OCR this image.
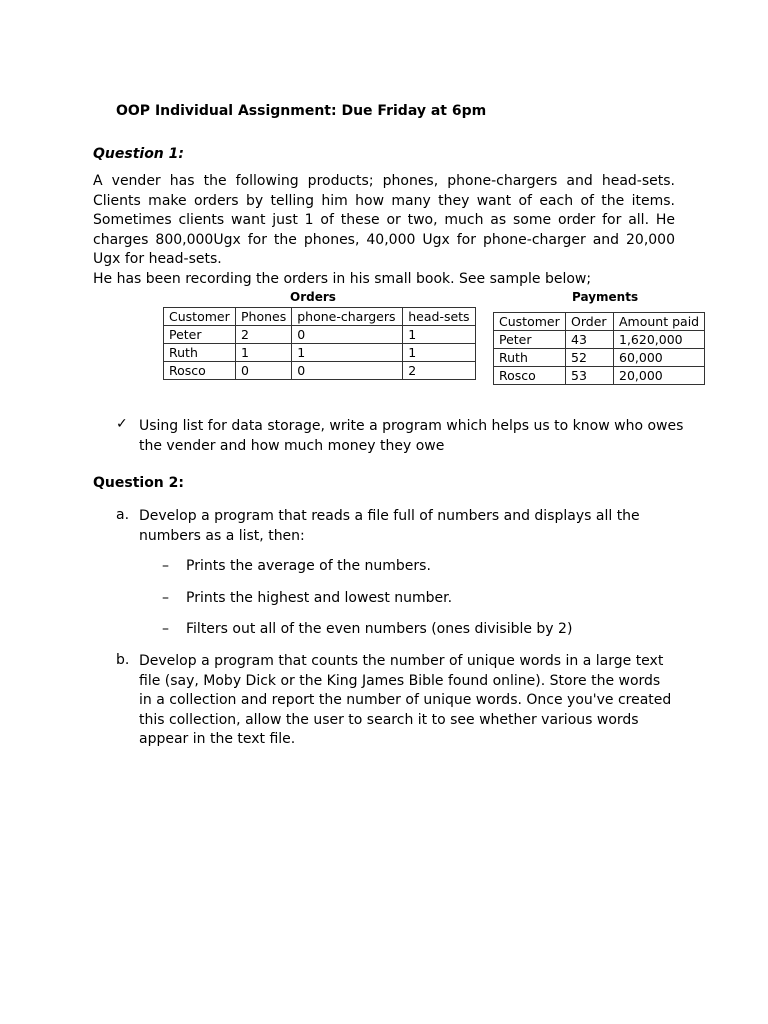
OOP Individual Assignment: Due Friday at 6pm
Question 1:
A vender has the following products; phones, phone-chargers and head-sets. Clients make orders by telling him how many they want of each of the items. Sometimes clients want just 1 of these or two, much as some order for all. He charges 800,000Ugx for the phones, 40,000 Ugx for phone-charger and 20,000 Ugx for head-sets.
He has been recording the orders in his small book. See sample below;
Orders	Payments
Customer	Phones	phone-chargers	head-sets
Peter	2	0	1
Ruth	1	1	1
Rosco	0	0	2
Customer	Order	Amount paid
Peter	43	1,620,000
Ruth	52	60,000
Rosco	53	20,000
✓ Using list for data storage, write a program which helps us to know who owes the vender and how much money they owe
Question 2:
a. Develop a program that reads a file full of numbers and displays all the numbers as a list, then:
– Prints the average of the numbers.
– Prints the highest and lowest number.
– Filters out all of the even numbers (ones divisible by 2)
b. Develop a program that counts the number of unique words in a large text file (say, Moby Dick or the King James Bible found online). Store the words in a collection and report the number of unique words. Once you've created this collection, allow the user to search it to see whether various words appear in the text file.
